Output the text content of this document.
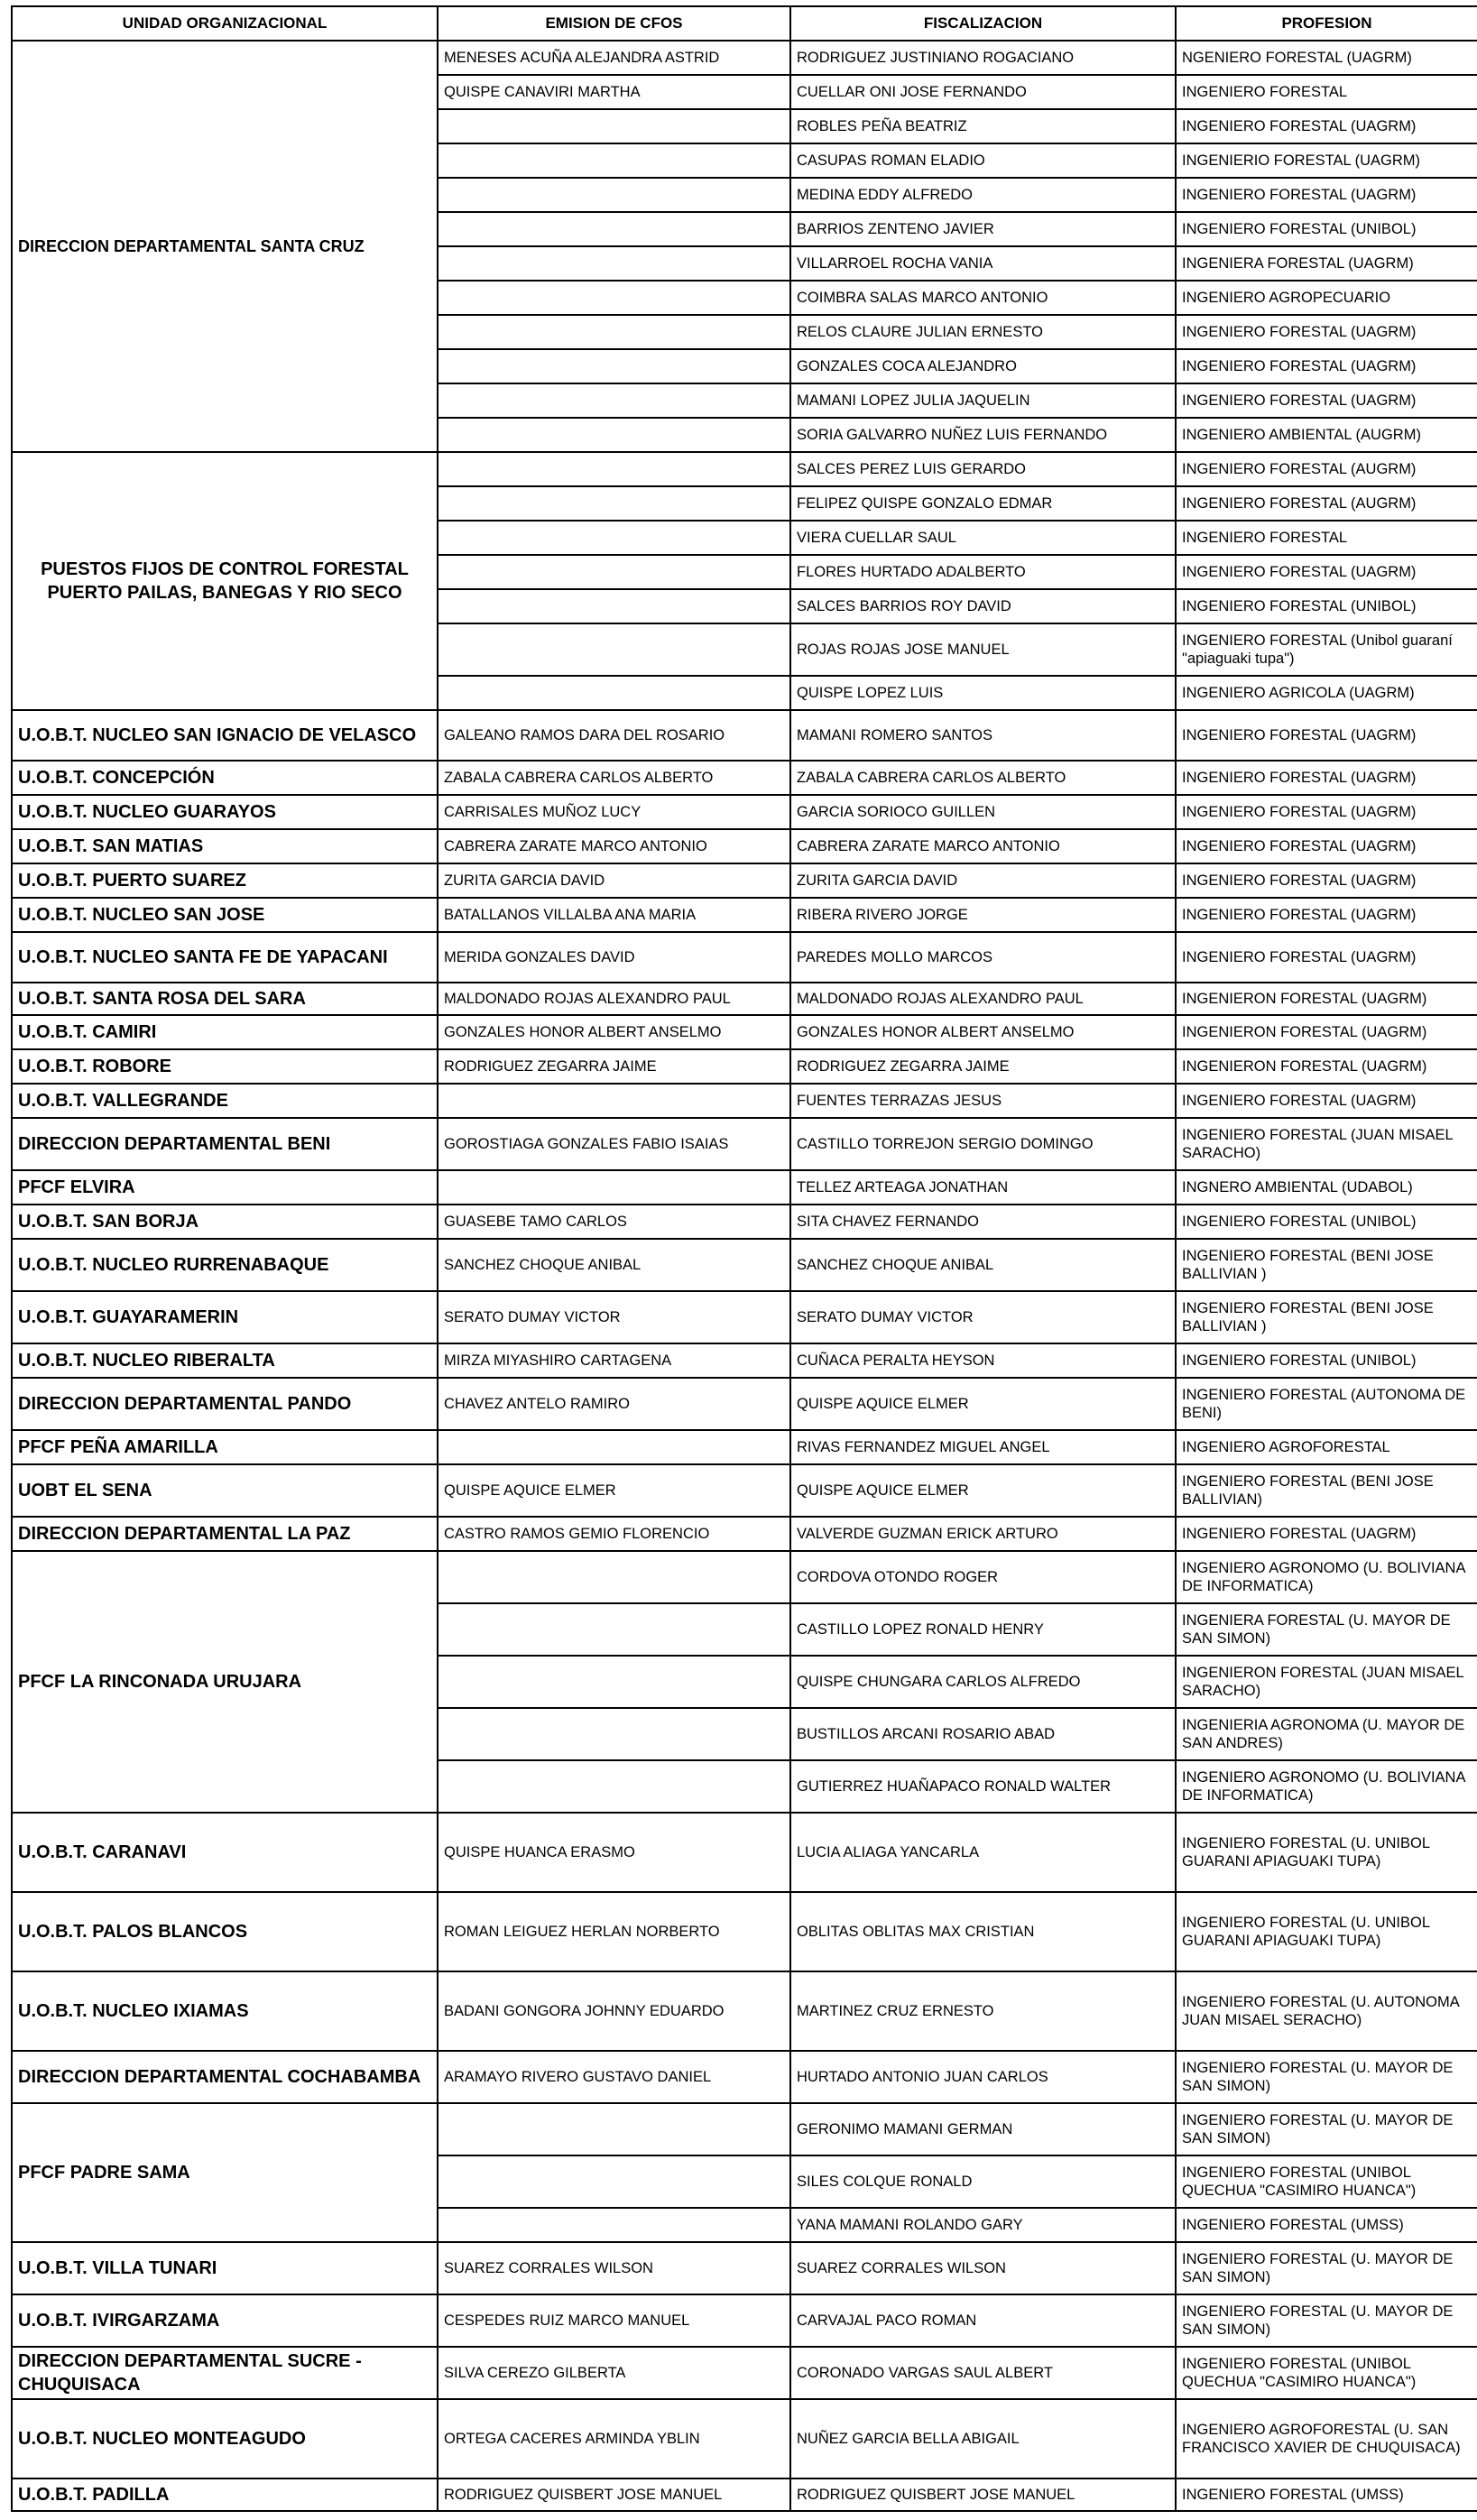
UNIDAD ORGANIZACIONAL	EMISION DE CFOS	FISCALIZACION	PROFESION
DIRECCION DEPARTAMENTAL SANTA CRUZ	MENESES ACUÑA ALEJANDRA ASTRID	RODRIGUEZ JUSTINIANO ROGACIANO	NGENIERO FORESTAL (UAGRM)
	QUISPE CANAVIRI MARTHA	CUELLAR ONI JOSE FERNANDO	INGENIERO FORESTAL
		ROBLES PEÑA BEATRIZ	INGENIERO FORESTAL (UAGRM)
		CASUPAS ROMAN ELADIO	INGENIERIO FORESTAL (UAGRM)
		MEDINA EDDY ALFREDO	INGENIERO FORESTAL (UAGRM)
		BARRIOS ZENTENO JAVIER	INGENIERO FORESTAL (UNIBOL)
		VILLARROEL ROCHA VANIA	INGENIERA FORESTAL (UAGRM)
		COIMBRA SALAS MARCO ANTONIO	INGENIERO AGROPECUARIO
		RELOS CLAURE JULIAN ERNESTO	INGENIERO FORESTAL (UAGRM)
		GONZALES COCA ALEJANDRO	INGENIERO FORESTAL (UAGRM)
		MAMANI LOPEZ JULIA JAQUELIN	INGENIERO FORESTAL (UAGRM)
		SORIA GALVARRO NUÑEZ LUIS FERNANDO	INGENIERO AMBIENTAL (AUGRM)
PUESTOS FIJOS DE CONTROL FORESTAL PUERTO PAILAS, BANEGAS Y RIO SECO		SALCES PEREZ LUIS GERARDO	INGENIERO FORESTAL (AUGRM)
		FELIPEZ QUISPE GONZALO EDMAR	INGENIERO FORESTAL (AUGRM)
		VIERA CUELLAR SAUL	INGENIERO FORESTAL
		FLORES HURTADO ADALBERTO	INGENIERO FORESTAL (UAGRM)
		SALCES BARRIOS ROY DAVID	INGENIERO FORESTAL (UNIBOL)
		ROJAS ROJAS JOSE MANUEL	INGENIERO FORESTAL (Unibol guaraní "apiaguaki tupa")
		QUISPE LOPEZ LUIS	INGENIERO AGRICOLA (UAGRM)
U.O.B.T. NUCLEO SAN IGNACIO DE VELASCO	GALEANO RAMOS DARA DEL ROSARIO	MAMANI ROMERO SANTOS	INGENIERO FORESTAL (UAGRM)
U.O.B.T. CONCEPCIÓN	ZABALA CABRERA CARLOS ALBERTO	ZABALA CABRERA CARLOS ALBERTO	INGENIERO FORESTAL (UAGRM)
U.O.B.T. NUCLEO GUARAYOS	CARRISALES MUÑOZ LUCY	GARCIA SORIOCO GUILLEN	INGENIERO FORESTAL (UAGRM)
U.O.B.T. SAN MATIAS	CABRERA ZARATE MARCO ANTONIO	CABRERA ZARATE MARCO ANTONIO	INGENIERO FORESTAL (UAGRM)
U.O.B.T. PUERTO SUAREZ	ZURITA GARCIA DAVID	ZURITA GARCIA DAVID	INGENIERO FORESTAL (UAGRM)
U.O.B.T. NUCLEO SAN JOSE	BATALLANOS VILLALBA ANA MARIA	RIBERA RIVERO JORGE	INGENIERO FORESTAL (UAGRM)
U.O.B.T. NUCLEO SANTA FE DE YAPACANI	MERIDA GONZALES DAVID	PAREDES MOLLO MARCOS	INGENIERO FORESTAL (UAGRM)
U.O.B.T. SANTA ROSA DEL SARA	MALDONADO ROJAS ALEXANDRO PAUL	MALDONADO ROJAS ALEXANDRO PAUL	INGENIERON FORESTAL (UAGRM)
U.O.B.T. CAMIRI	GONZALES HONOR ALBERT ANSELMO	GONZALES HONOR ALBERT ANSELMO	INGENIERON FORESTAL (UAGRM)
U.O.B.T. ROBORE	RODRIGUEZ ZEGARRA JAIME	RODRIGUEZ ZEGARRA JAIME	INGENIERON FORESTAL (UAGRM)
U.O.B.T. VALLEGRANDE		FUENTES TERRAZAS JESUS	INGENIERO FORESTAL (UAGRM)
DIRECCION DEPARTAMENTAL BENI	GOROSTIAGA GONZALES FABIO ISAIAS	CASTILLO TORREJON SERGIO DOMINGO	INGENIERO FORESTAL (JUAN MISAEL SARACHO)
PFCF ELVIRA		TELLEZ ARTEAGA JONATHAN	INGNERO AMBIENTAL (UDABOL)
U.O.B.T. SAN BORJA	GUASEBE TAMO CARLOS	SITA CHAVEZ FERNANDO	INGENIERO FORESTAL (UNIBOL)
U.O.B.T. NUCLEO RURRENABAQUE	SANCHEZ CHOQUE ANIBAL	SANCHEZ CHOQUE ANIBAL	INGENIERO FORESTAL (BENI JOSE BALLIVIAN )
U.O.B.T. GUAYARAMERIN	SERATO DUMAY VICTOR	SERATO DUMAY VICTOR	INGENIERO FORESTAL (BENI JOSE BALLIVIAN )
U.O.B.T. NUCLEO RIBERALTA	MIRZA MIYASHIRO CARTAGENA	CUÑACA PERALTA HEYSON	INGENIERO FORESTAL (UNIBOL)
DIRECCION DEPARTAMENTAL PANDO	CHAVEZ ANTELO RAMIRO	QUISPE AQUICE ELMER	INGENIERO FORESTAL (AUTONOMA DE BENI)
PFCF PEÑA AMARILLA		RIVAS FERNANDEZ MIGUEL ANGEL	INGENIERO AGROFORESTAL
UOBT EL SENA	QUISPE AQUICE ELMER	QUISPE AQUICE ELMER	INGENIERO FORESTAL (BENI JOSE BALLIVIAN)
DIRECCION DEPARTAMENTAL LA PAZ	CASTRO RAMOS GEMIO FLORENCIO	VALVERDE GUZMAN ERICK ARTURO	INGENIERO FORESTAL (UAGRM)
PFCF LA RINCONADA URUJARA		CORDOVA OTONDO ROGER	INGENIERO AGRONOMO (U. BOLIVIANA DE INFORMATICA)
		CASTILLO LOPEZ RONALD HENRY	INGENIERA FORESTAL (U. MAYOR DE SAN SIMON)
		QUISPE CHUNGARA CARLOS ALFREDO	INGENIERON FORESTAL (JUAN MISAEL SARACHO)
		BUSTILLOS ARCANI ROSARIO ABAD	INGENIERIA AGRONOMA (U. MAYOR DE SAN ANDRES)
		GUTIERREZ HUAÑAPACO RONALD WALTER	INGENIERO AGRONOMO (U. BOLIVIANA DE INFORMATICA)
U.O.B.T. CARANAVI	QUISPE HUANCA ERASMO	LUCIA ALIAGA YANCARLA	INGENIERO FORESTAL (U. UNIBOL GUARANI APIAGUAKI TUPA)
U.O.B.T. PALOS BLANCOS	ROMAN LEIGUEZ HERLAN NORBERTO	OBLITAS OBLITAS MAX CRISTIAN	INGENIERO FORESTAL (U. UNIBOL GUARANI APIAGUAKI TUPA)
U.O.B.T. NUCLEO IXIAMAS	BADANI GONGORA JOHNNY EDUARDO	MARTINEZ CRUZ ERNESTO	INGENIERO FORESTAL (U. AUTONOMA JUAN MISAEL SERACHO)
DIRECCION DEPARTAMENTAL COCHABAMBA	ARAMAYO RIVERO GUSTAVO DANIEL	HURTADO ANTONIO JUAN CARLOS	INGENIERO FORESTAL (U. MAYOR DE SAN SIMON)
PFCF PADRE SAMA		GERONIMO MAMANI GERMAN	INGENIERO FORESTAL (U. MAYOR DE SAN SIMON)
		SILES COLQUE RONALD	INGENIERO FORESTAL (UNIBOL QUECHUA "CASIMIRO HUANCA")
		YANA MAMANI ROLANDO GARY	INGENIERO FORESTAL (UMSS)
U.O.B.T. VILLA TUNARI	SUAREZ CORRALES WILSON	SUAREZ CORRALES WILSON	INGENIERO FORESTAL (U. MAYOR DE SAN SIMON)
U.O.B.T. IVIRGARZAMA	CESPEDES RUIZ MARCO MANUEL	CARVAJAL PACO ROMAN	INGENIERO FORESTAL (U. MAYOR DE SAN SIMON)
DIRECCION DEPARTAMENTAL SUCRE - CHUQUISACA	SILVA CEREZO GILBERTA	CORONADO VARGAS SAUL ALBERT	INGENIERO FORESTAL (UNIBOL QUECHUA "CASIMIRO HUANCA")
U.O.B.T. NUCLEO MONTEAGUDO	ORTEGA CACERES ARMINDA YBLIN	NUÑEZ GARCIA BELLA ABIGAIL	INGENIERO AGROFORESTAL (U. SAN FRANCISCO XAVIER DE CHUQUISACA)
U.O.B.T. PADILLA	RODRIGUEZ QUISBERT JOSE MANUEL	RODRIGUEZ QUISBERT JOSE MANUEL	INGENIERO FORESTAL (UMSS)
